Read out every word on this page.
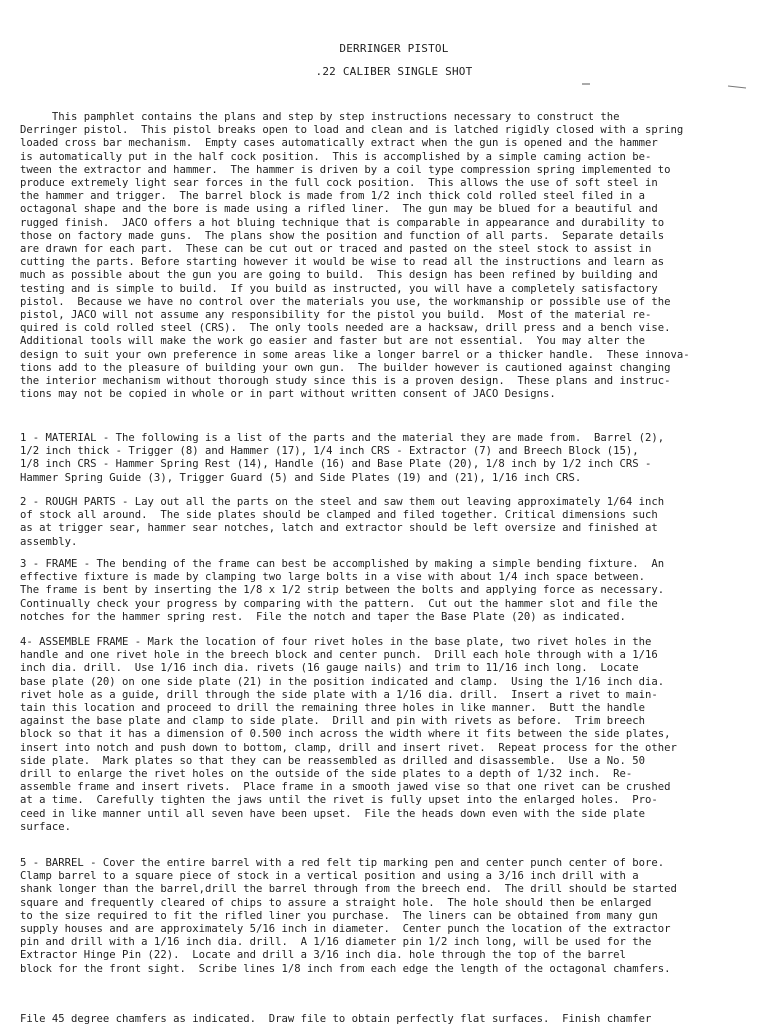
DERRINGER PISTOL
.22 CALIBER SINGLE SHOT

This pamphlet contains the plans and step by step instructions necessary to construct the
Derringer pistol.  This pistol breaks open to load and clean and is latched rigidly closed with a spring
loaded cross bar mechanism.  Empty cases automatically extract when the gun is opened and the hammer
is automatically put in the half cock position.  This is accomplished by a simple caming action be-
tween the extractor and hammer.  The hammer is driven by a coil type compression spring implemented to
produce extremely light sear forces in the full cock position.  This allows the use of soft steel in
the hammer and trigger.  The barrel block is made from 1/2 inch thick cold rolled steel filed in a
octagonal shape and the bore is made using a rifled liner.  The gun may be blued for a beautiful and
rugged finish.  JACO offers a hot bluing technique that is comparable in appearance and durability to
those on factory made guns.  The plans show the position and function of all parts.  Separate details
are drawn for each part.  These can be cut out or traced and pasted on the steel stock to assist in
cutting the parts. Before starting however it would be wise to read all the instructions and learn as
much as possible about the gun you are going to build.  This design has been refined by building and
testing and is simple to build.  If you build as instructed, you will have a completely satisfactory
pistol.  Because we have no control over the materials you use, the workmanship or possible use of the
pistol, JACO will not assume any responsibility for the pistol you build.  Most of the material re-
quired is cold rolled steel (CRS).  The only tools needed are a hacksaw, drill press and a bench vise.
Additional tools will make the work go easier and faster but are not essential.  You may alter the
design to suit your own preference in some areas like a longer barrel or a thicker handle.  These innova-
tions add to the pleasure of building your own gun.  The builder however is cautioned against changing
the interior mechanism without thorough study since this is a proven design.  These plans and instruc-
tions may not be copied in whole or in part without written consent of JACO Designs.

1 - MATERIAL - The following is a list of the parts and the material they are made from.  Barrel (2),
1/2 inch thick - Trigger (8) and Hammer (17), 1/4 inch CRS - Extractor (7) and Breech Block (15),
1/8 inch CRS - Hammer Spring Rest (14), Handle (16) and Base Plate (20), 1/8 inch by 1/2 inch CRS -
Hammer Spring Guide (3), Trigger Guard (5) and Side Plates (19) and (21), 1/16 inch CRS.

2 - ROUGH PARTS - Lay out all the parts on the steel and saw them out leaving approximately 1/64 inch
of stock all around.  The side plates should be clamped and filed together. Critical dimensions such
as at trigger sear, hammer sear notches, latch and extractor should be left oversize and finished at
assembly.

3 - FRAME - The bending of the frame can best be accomplished by making a simple bending fixture.  An
effective fixture is made by clamping two large bolts in a vise with about 1/4 inch space between.
The frame is bent by inserting the 1/8 x 1/2 strip between the bolts and applying force as necessary.
Continually check your progress by comparing with the pattern.  Cut out the hammer slot and file the
notches for the hammer spring rest.  File the notch and taper the Base Plate (20) as indicated.

4- ASSEMBLE FRAME - Mark the location of four rivet holes in the base plate, two rivet holes in the
handle and one rivet hole in the breech block and center punch.  Drill each hole through with a 1/16
inch dia. drill.  Use 1/16 inch dia. rivets (16 gauge nails) and trim to 11/16 inch long.  Locate
base plate (20) on one side plate (21) in the position indicated and clamp.  Using the 1/16 inch dia.
rivet hole as a guide, drill through the side plate with a 1/16 dia. drill.  Insert a rivet to main-
tain this location and proceed to drill the remaining three holes in like manner.  Butt the handle
against the base plate and clamp to side plate.  Drill and pin with rivets as before.  Trim breech
block so that it has a dimension of 0.500 inch across the width where it fits between the side plates,
insert into notch and push down to bottom, clamp, drill and insert rivet.  Repeat process for the other
side plate.  Mark plates so that they can be reassembled as drilled and disassemble.  Use a No. 50
drill to enlarge the rivet holes on the outside of the side plates to a depth of 1/32 inch.  Re-
assemble frame and insert rivets.  Place frame in a smooth jawed vise so that one rivet can be crushed
at a time.  Carefully tighten the jaws until the rivet is fully upset into the enlarged holes.  Pro-
ceed in like manner until all seven have been upset.  File the heads down even with the side plate
surface.

5 - BARREL - Cover the entire barrel with a red felt tip marking pen and center punch center of bore.
Clamp barrel to a square piece of stock in a vertical position and using a 3/16 inch drill with a
shank longer than the barrel,drill the barrel through from the breech end.  The drill should be started
square and frequently cleared of chips to assure a straight hole.  The hole should then be enlarged
to the size required to fit the rifled liner you purchase.  The liners can be obtained from many gun
supply houses and are approximately 5/16 inch in diameter.  Center punch the location of the extractor
pin and drill with a 1/16 inch dia. drill.  A 1/16 diameter pin 1/2 inch long, will be used for the
Extractor Hinge Pin (22).  Locate and drill a 3/16 inch dia. hole through the top of the barrel
block for the front sight.  Scribe lines 1/8 inch from each edge the length of the octagonal chamfers.

File 45 degree chamfers as indicated.  Draw file to obtain perfectly flat surfaces.  Finish chamfer
